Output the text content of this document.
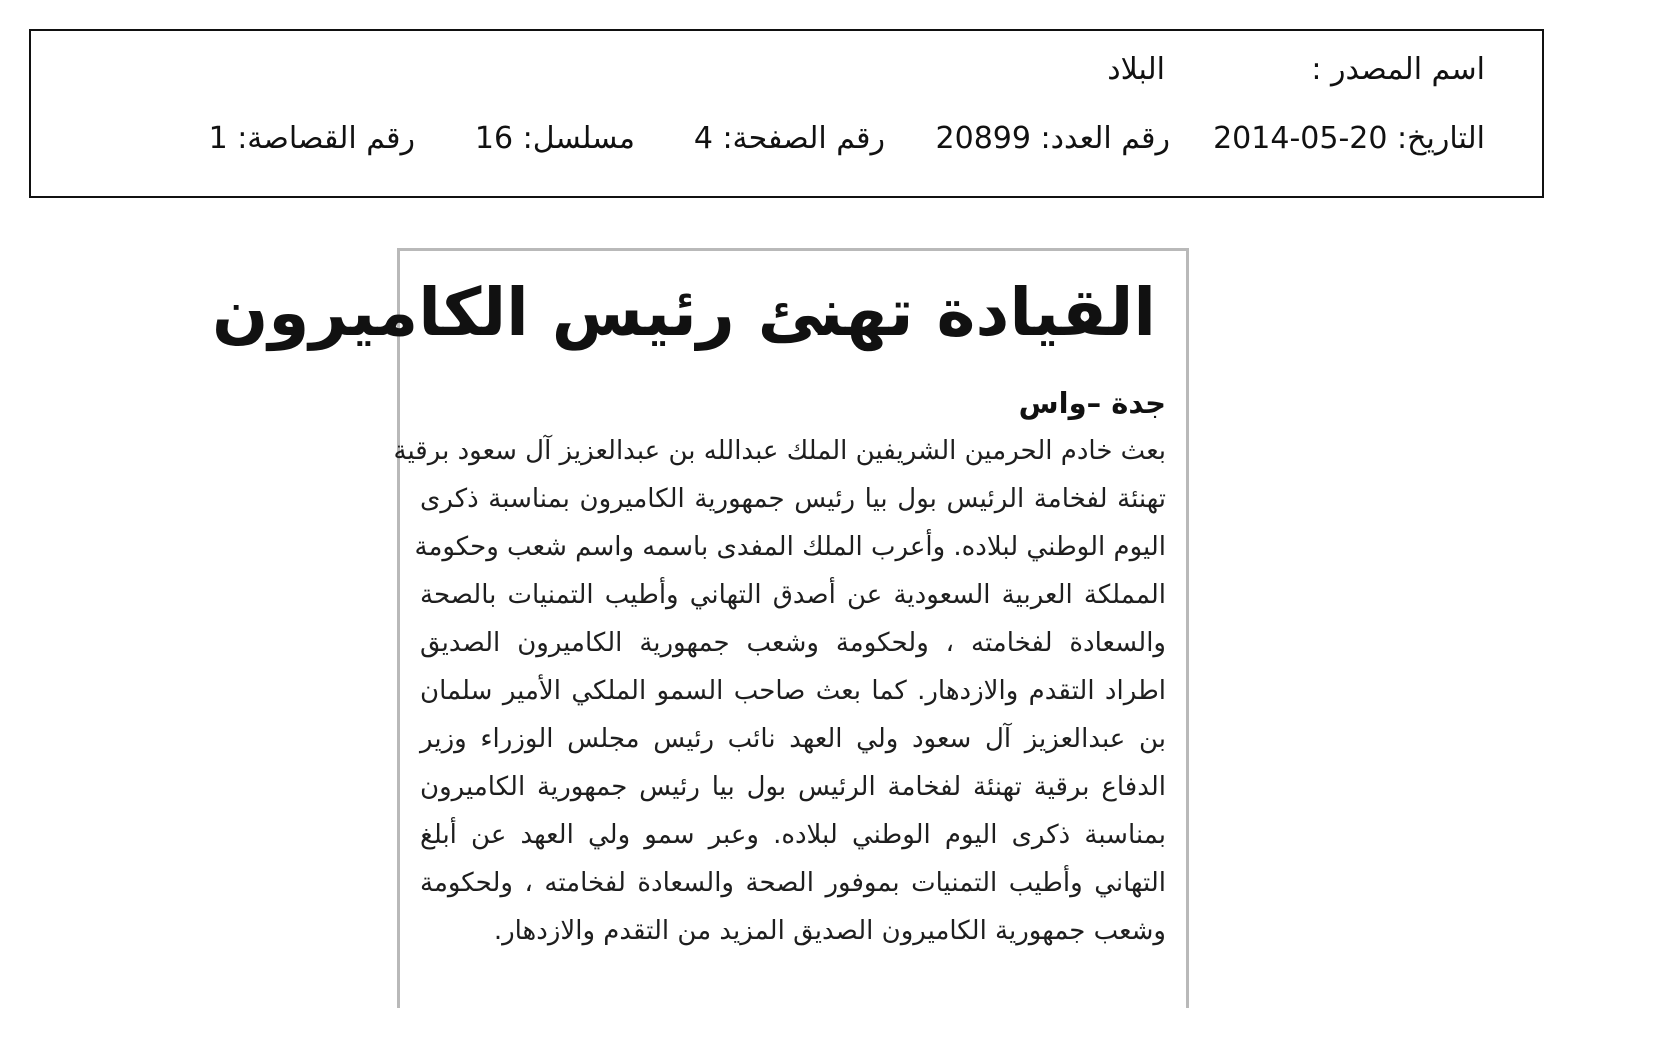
اسم المصدر :
البلاد
التاريخ: 20-05-2014
رقم العدد: 20899
رقم الصفحة: 4
مسلسل: 16
رقم القصاصة: 1
القيادة تهنئ رئيس الكاميرون
جدة –واس
بعث خادم الحرمين الشريفين الملك عبدالله بن عبدالعزيز آل سعود برقية
تهنئة لفخامة الرئيس بول بيا رئيس جمهورية الكاميرون بمناسبة ذكرى
اليوم الوطني لبلاده. وأعرب الملك المفدى باسمه واسم شعب وحكومة
المملكة العربية السعودية عن أصدق التهاني وأطيب التمنيات بالصحة
والسعادة لفخامته ، ولحكومة وشعب جمهورية الكاميرون الصديق
اطراد التقدم والازدهار. كما بعث صاحب السمو الملكي الأمير سلمان
بن عبدالعزيز آل سعود ولي العهد نائب رئيس مجلس الوزراء وزير
الدفاع برقية تهنئة لفخامة الرئيس بول بيا رئيس جمهورية الكاميرون
بمناسبة ذكرى اليوم الوطني لبلاده. وعبر سمو ولي العهد عن أبلغ
التهاني وأطيب التمنيات بموفور الصحة والسعادة لفخامته ، ولحكومة
وشعب جمهورية الكاميرون الصديق المزيد من التقدم والازدهار.
